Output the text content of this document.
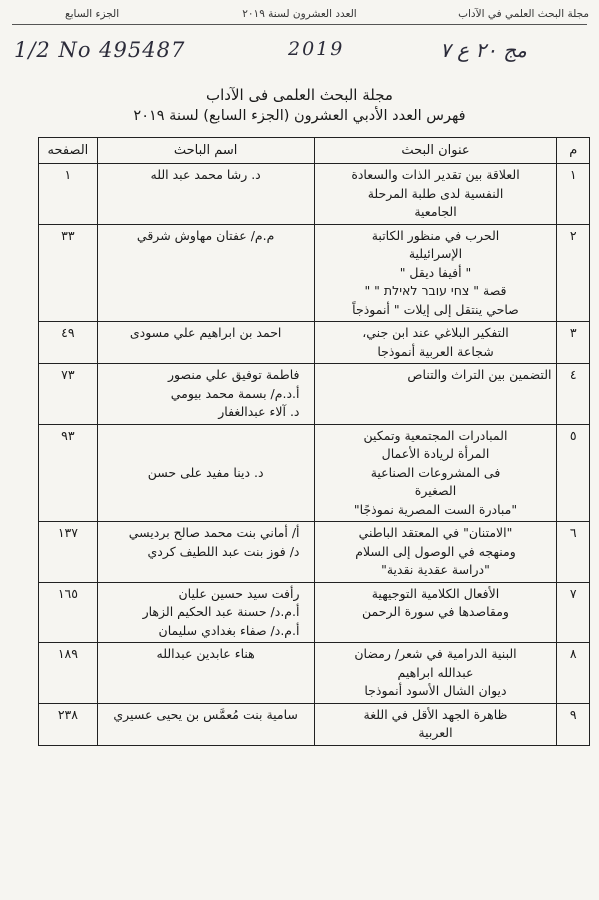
مجلة البحث العلمي في الآداب
العدد العشرون لسنة ٢٠١٩
الجزء السابع
1/2 No 495487	2019	مج ٢٠ ع ٧
مجلة البحث العلمى فى الآداب
فهرس العدد الأدبي العشرون (الجزء السابع) لسنة ٢٠١٩
م	عنوان البحث	اسم الباحث	الصفحه
١	العلاقة بين تقدير الذات والسعادة
النفسية لدى طلبة المرحلة
الجامعية	د. رشا محمد عبد الله	١
٢	الحرب في منظور الكاتبة
الإسرائيلية
" أفيفا ديقل "
قصة " צחי עובר לאילת " "
صاحي ينتقل إلى إيلات " أنموذجاً	م.م/ عفتان مهاوش شرقي	٣٣
٣	التفكير البلاغي عند ابن جني،
شجاعة العربية أنموذجا	احمد بن ابراهيم علي مسودى	٤٩
٤	التضمين بين التراث والتناص	فاطمة توفيق علي منصور
أ.د.م/ بسمة محمد بيومي
د. آلاء عبدالغفار	٧٣
٥	المبادرات المجتمعية وتمكين
المرأة لريادة الأعمال
فى المشروعات الصناعية
الصغيرة
"مبادرة الست المصرية نموذجًا"	د. دينا مفيد على حسن	٩٣
٦	"الامتنان" في المعتقد الباطني
ومنهجه في الوصول إلى السلام
"دراسة عقدية نقدية"	أ/ أماني بنت محمد صالح برديسي
د/ فوز بنت عبد اللطيف كردي	١٣٧
٧	الأفعال الكلامية التوجيهية
ومقاصدها في سورة الرحمن	رأفت سيد حسين عليان
أ.م.د/ حسنة عبد الحكيم الزهار
أ.م.د/ صفاء بغدادي سليمان	١٦٥
٨	البنية الدرامية في شعر/ رمضان
عبدالله ابراهيم
ديوان الشال الأسود أنموذجا	هناء عابدين عبدالله	١٨٩
٩	ظاهرة الجهد الأقل في اللغة
العربية	سامية بنت مُعمَّس بن يحيى عسيري	٢٣٨
